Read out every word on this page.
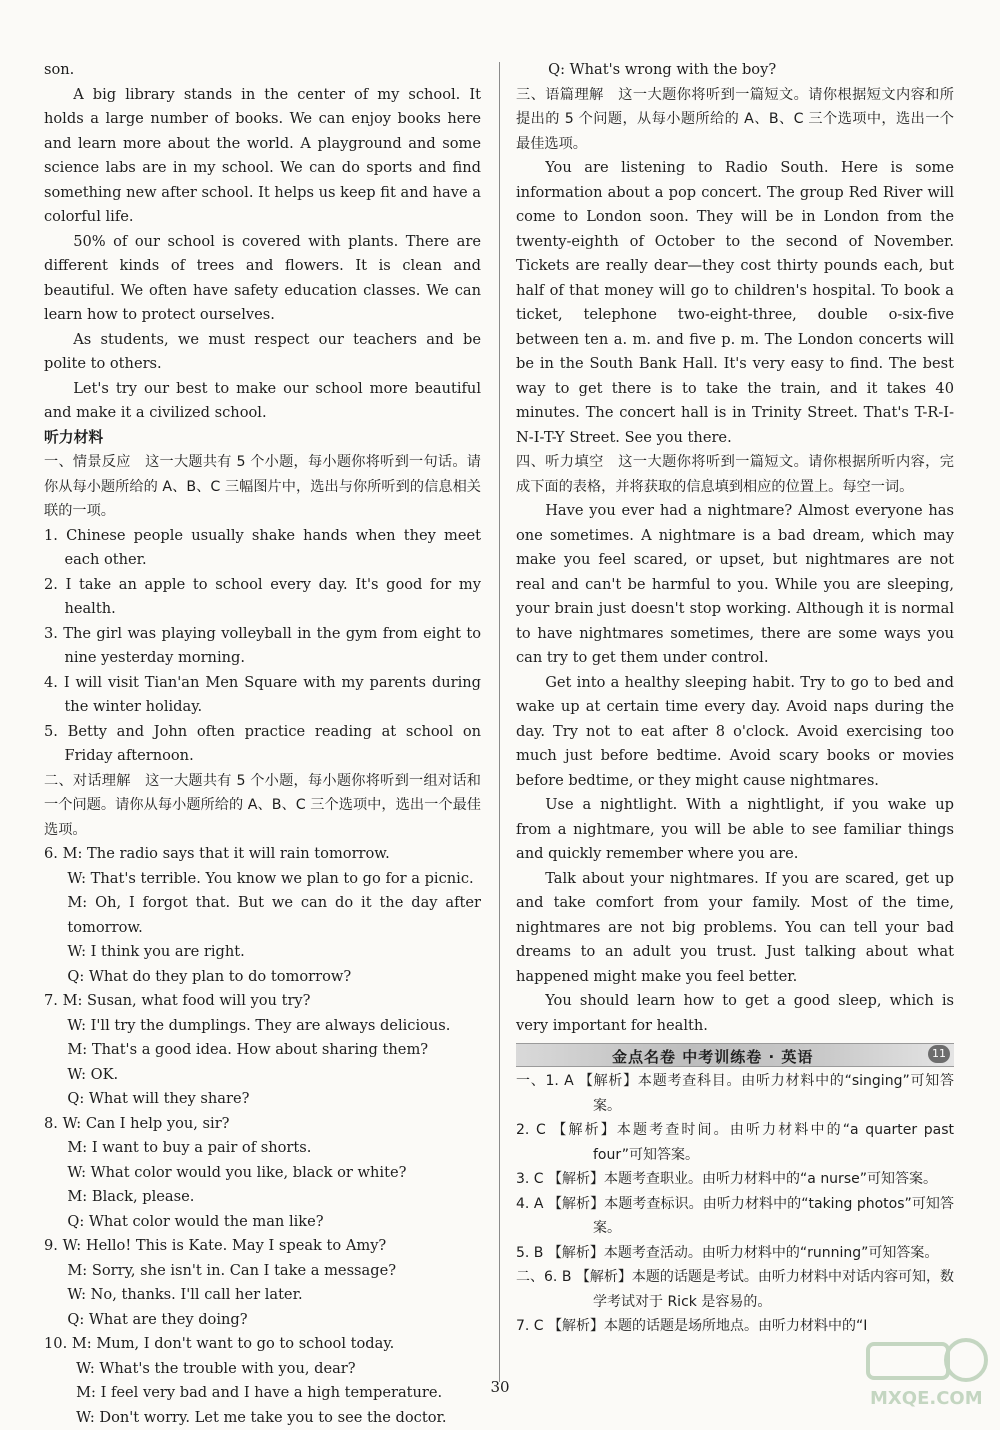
son.

A big library stands in the center of my school. It holds a large number of books. We can enjoy books here and learn more about the world. A playground and some science labs are in my school. We can do sports and find something new after school. It helps us keep fit and have a colorful life.

50% of our school is covered with plants. There are different kinds of trees and flowers. It is clean and beautiful. We often have safety education classes. We can learn how to protect ourselves.

As students, we must respect our teachers and be polite to others.

Let's try our best to make our school more beautiful and make it a civilized school.

听力材料

一、情景反应　这一大题共有 5 个小题，每小题你将听到一句话。请你从每小题所给的 A、B、C 三幅图片中，选出与你所听到的信息相关联的一项。

1. Chinese people usually shake hands when they meet each other.

2. I take an apple to school every day. It's good for my health.

3. The girl was playing volleyball in the gym from eight to nine yesterday morning.

4. I will visit Tian'an Men Square with my parents during the winter holiday.

5. Betty and John often practice reading at school on Friday afternoon.

二、对话理解　这一大题共有 5 个小题，每小题你将听到一组对话和一个问题。请你从每小题所给的 A、B、C 三个选项中，选出一个最佳选项。

6. M: The radio says that it will rain tomorrow.

W: That's terrible. You know we plan to go for a picnic.

M: Oh, I forgot that. But we can do it the day after tomorrow.

W: I think you are right.

Q: What do they plan to do tomorrow?

7. M: Susan, what food will you try?

W: I'll try the dumplings. They are always delicious.

M: That's a good idea. How about sharing them?

W: OK.

Q: What will they share?

8. W: Can I help you, sir?

M: I want to buy a pair of shorts.

W: What color would you like, black or white?

M: Black, please.

Q: What color would the man like?

9. W: Hello! This is Kate. May I speak to Amy?

M: Sorry, she isn't in. Can I take a message?

W: No, thanks. I'll call her later.

Q: What are they doing?

10. M: Mum, I don't want to go to school today.

W: What's the trouble with you, dear?

M: I feel very bad and I have a high temperature.

W: Don't worry. Let me take you to see the doctor.

Q: What's wrong with the boy?

三、语篇理解　这一大题你将听到一篇短文。请你根据短文内容和所提出的 5 个问题，从每小题所给的 A、B、C 三个选项中，选出一个最佳选项。

You are listening to Radio South. Here is some information about a pop concert. The group Red River will come to London soon. They will be in London from the twenty-eighth of October to the second of November. Tickets are really dear—they cost thirty pounds each, but half of that money will go to children's hospital. To book a ticket, telephone two-eight-three, double o-six-five between ten a. m. and five p. m. The London concerts will be in the South Bank Hall. It's very easy to find. The best way to get there is to take the train, and it takes 40 minutes. The concert hall is in Trinity Street. That's T-R-I-N-I-T-Y Street. See you there.

四、听力填空　这一大题你将听到一篇短文。请你根据所听内容，完成下面的表格，并将获取的信息填到相应的位置上。每空一词。

Have you ever had a nightmare? Almost everyone has one sometimes. A nightmare is a bad dream, which may make you feel scared, or upset, but nightmares are not real and can't be harmful to you. While you are sleeping, your brain just doesn't stop working. Although it is normal to have nightmares sometimes, there are some ways you can try to get them under control.

Get into a healthy sleeping habit. Try to go to bed and wake up at certain time every day. Avoid naps during the day. Try not to eat after 8 o'clock. Avoid exercising too much just before bedtime. Avoid scary books or movies before bedtime, or they might cause nightmares.

Use a nightlight. With a nightlight, if you wake up from a nightmare, you will be able to see familiar things and quickly remember where you are.

Talk about your nightmares. If you are scared, get up and take comfort from your family. Most of the time, nightmares are not big problems. You can tell your bad dreams to an adult you trust. Just talking about what happened might make you feel better.

You should learn how to get a good sleep, which is very important for health.

金点名卷 中考训练卷 · 英语	11

一、1. A 【解析】本题考查科目。由听力材料中的“singing”可知答案。

2. C 【解析】本题考查时间。由听力材料中的“a quarter past four”可知答案。

3. C 【解析】本题考查职业。由听力材料中的“a nurse”可知答案。

4. A 【解析】本题考查标识。由听力材料中的“taking photos”可知答案。

5. B 【解析】本题考查活动。由听力材料中的“running”可知答案。

二、6. B 【解析】本题的话题是考试。由听力材料中对话内容可知，数学考试对于 Rick 是容易的。

7. C 【解析】本题的话题是场所地点。由听力材料中的“I

30
MXQE.COM
